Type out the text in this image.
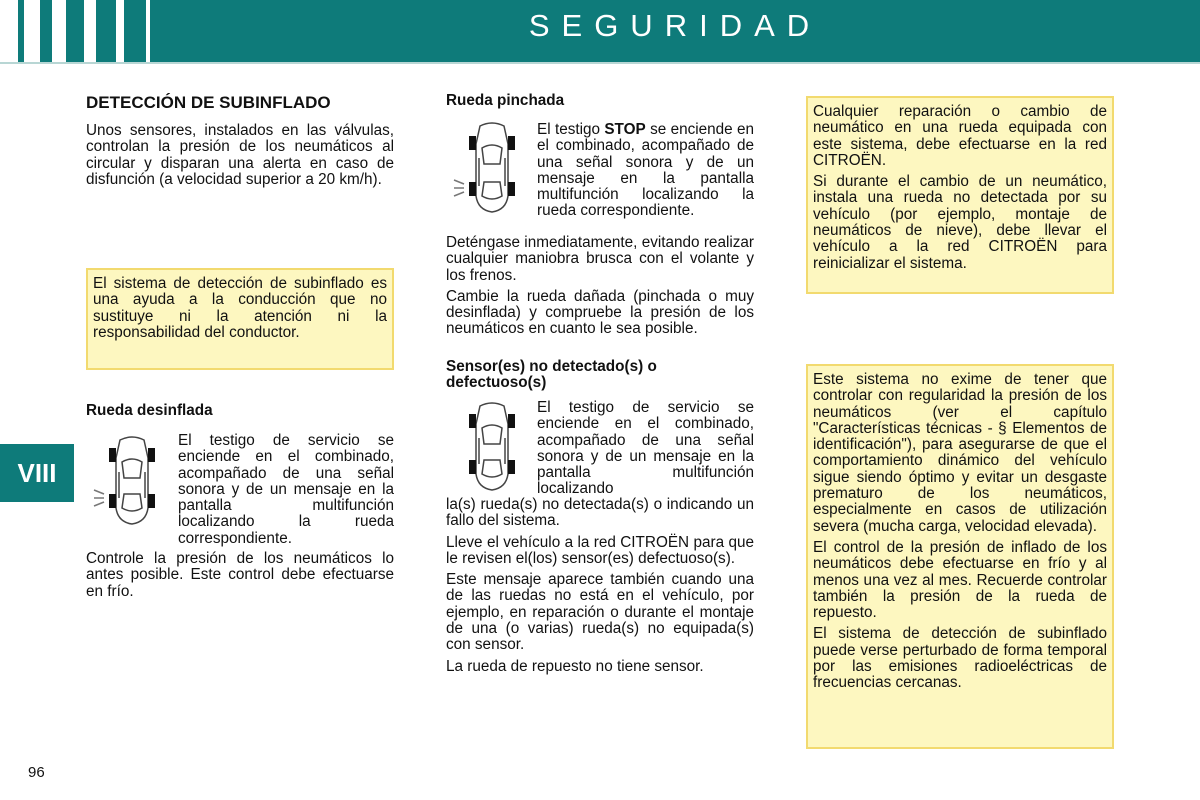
SEGURIDAD
VIII
DETECCIÓN DE SUBINFLADO

Unos sensores, instalados en las válvulas, controlan la presión de los neumáticos al circular y disparan una alerta en caso de disfunción (a velocidad superior a 20 km/h).

El sistema de detección de subinflado es una ayuda a la conducción que no sustituye ni la atención ni la responsabilidad del conductor.

Rueda desinflada
El testigo de servicio se enciende en el combinado, acompañado de una señal sonora y de un mensaje en la pantalla multifunción localizando la rueda correspondiente.

Controle la presión de los neumáticos lo antes posible. Este control debe efectuarse en frío.

Rueda pinchada
El testigo STOP se enciende en el combinado, acompañado de una señal sonora y de un mensaje en la pantalla multifunción localizando la rueda correspondiente.

Deténgase inmediatamente, evitando realizar cualquier maniobra brusca con el volante y los frenos.

Cambie la rueda dañada (pinchada o muy desinflada) y compruebe la presión de los neumáticos en cuanto le sea posible.

Sensor(es) no detectado(s) o defectuoso(s)
El testigo de servicio se enciende en el combinado, acompañado de una señal sonora y de un mensaje en la pantalla multifunción localizando

la(s) rueda(s) no detectada(s) o indicando un fallo del sistema.

Lleve el vehículo a la red CITROËN para que le revisen el(los) sensor(es) defectuoso(s).

Este mensaje aparece también cuando una de las ruedas no está en el vehículo, por ejemplo, en reparación o durante el montaje de una (o varias) rueda(s) no equipada(s) con sensor.

La rueda de repuesto no tiene sensor.

Cualquier reparación o cambio de neumático en una rueda equipada con este sistema, debe efectuarse en la red CITROËN.

Si durante el cambio de un neumático, instala una rueda no detectada por su vehículo (por ejemplo, montaje de neumáticos de nieve), debe llevar el vehículo a la red CITROËN para reinicializar el sistema.

Este sistema no exime de tener que controlar con regularidad la presión de los neumáticos (ver el capítulo "Características técnicas - § Elementos de identificación"), para asegurarse de que el comportamiento dinámico del vehículo sigue siendo óptimo y evitar un desgaste prematuro de los neumáticos, especialmente en casos de utilización severa (mucha carga, velocidad elevada).

El control de la presión de inflado de los neumáticos debe efectuarse en frío y al menos una vez al mes. Recuerde controlar también la presión de la rueda de repuesto.

El sistema de detección de subinflado puede verse perturbado de forma temporal por las emisiones radioeléctricas de frecuencias cercanas.

96
